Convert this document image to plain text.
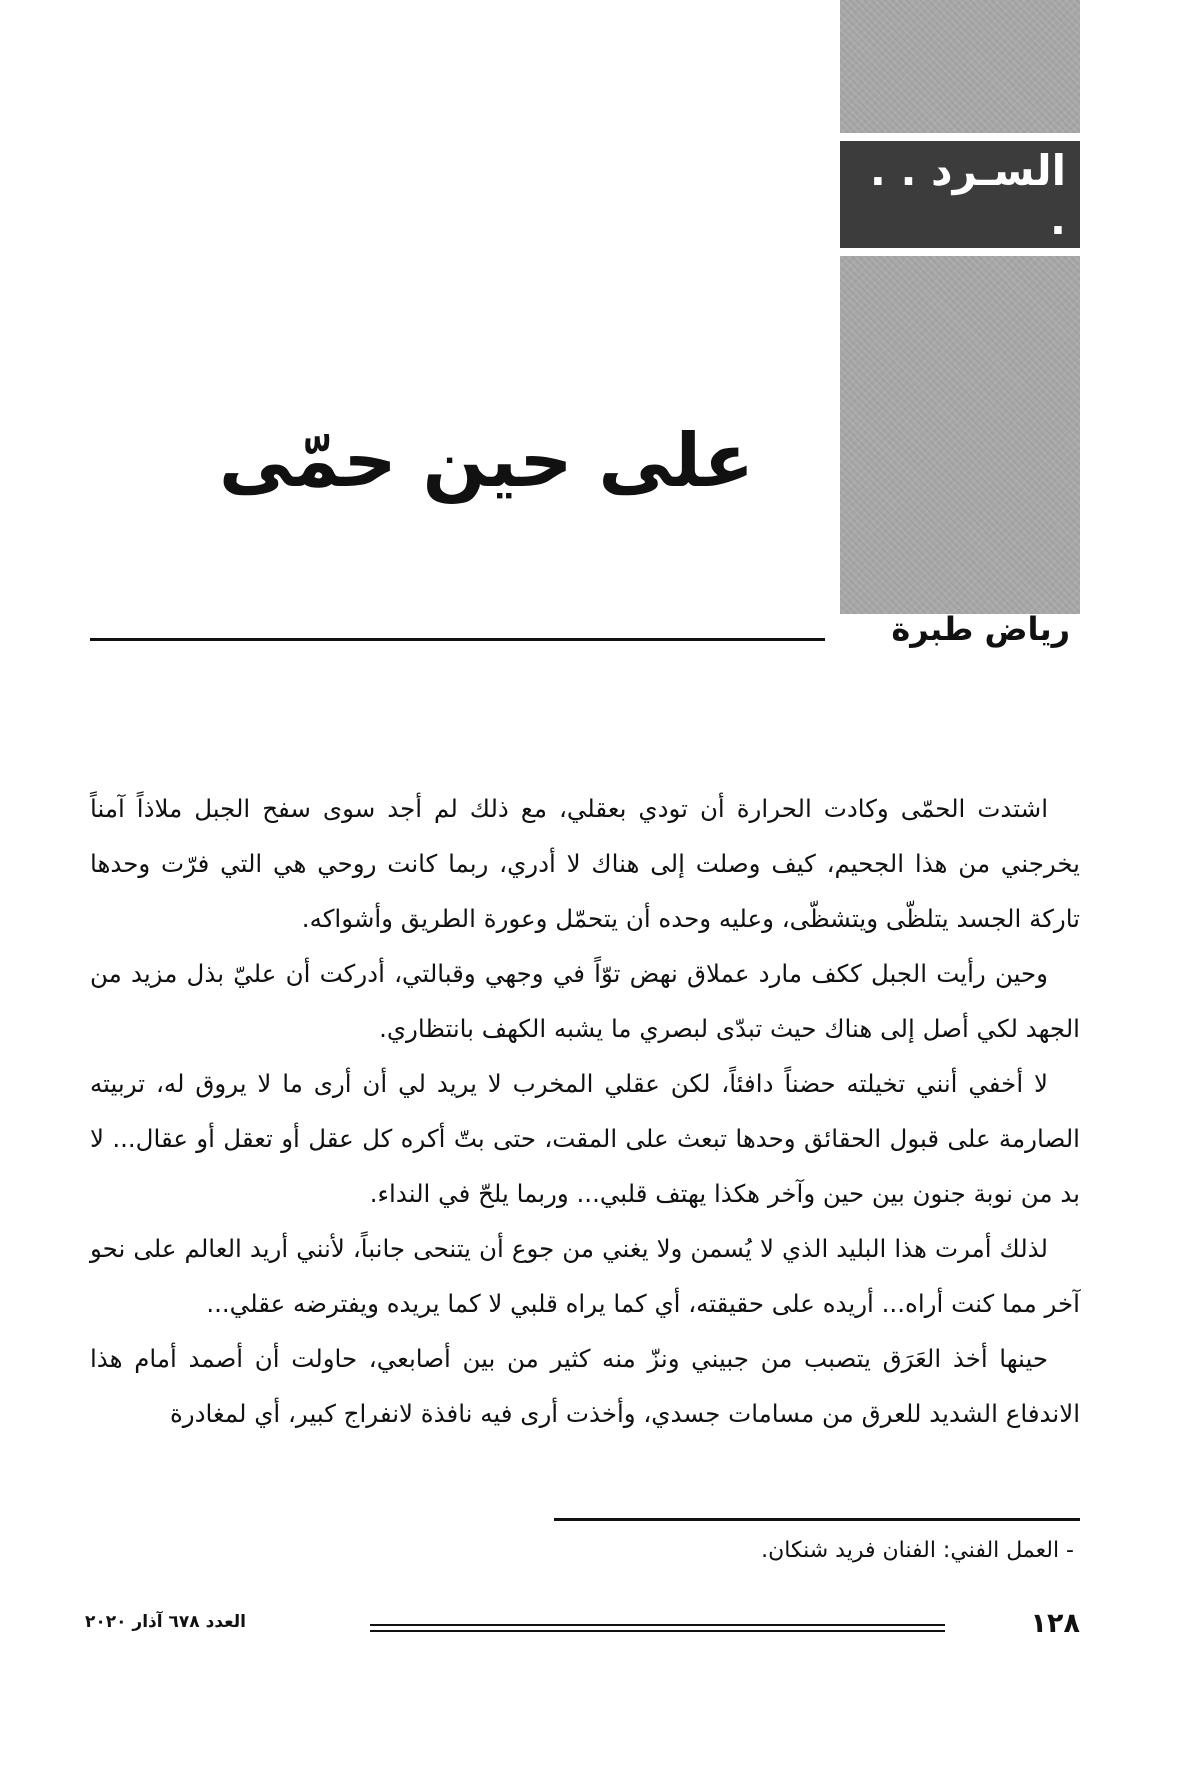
السـرد . . .
على حين حمّى
رياض طبرة

اشتدت الحمّى وكادت الحرارة أن تودي بعقلي، مع ذلك لم أجد سوى سفح الجبل ملاذاً آمناً يخرجني من هذا الجحيم، كيف وصلت إلى هناك لا أدري، ربما كانت روحي هي التي فرّت وحدها تاركة الجسد يتلظّى ويتشظّى، وعليه وحده أن يتحمّل وعورة الطريق وأشواكه.

وحين رأيت الجبل ككف مارد عملاق نهض توّاً في وجهي وقبالتي، أدركت أن عليّ بذل مزيد من الجهد لكي أصل إلى هناك حيث تبدّى لبصري ما يشبه الكهف بانتظاري.

لا أخفي أنني تخيلته حضناً دافئاً، لكن عقلي المخرب لا يريد لي أن أرى ما لا يروق له، تربيته الصارمة على قبول الحقائق وحدها تبعث على المقت، حتى بتّ أكره كل عقل أو تعقل أو عقال... لا بد من نوبة جنون بين حين وآخر هكذا يهتف قلبي... وربما يلحّ في النداء.

لذلك أمرت هذا البليد الذي لا يُسمن ولا يغني من جوع أن يتنحى جانباً، لأنني أريد العالم على نحو آخر مما كنت أراه... أريده على حقيقته، أي كما يراه قلبي لا كما يريده ويفترضه عقلي...

حينها أخذ العَرَق يتصبب من جبيني ونزّ منه كثير من بين أصابعي، حاولت أن أصمد أمام هذا الاندفاع الشديد للعرق من مسامات جسدي، وأخذت أرى فيه نافذة لانفراج كبير، أي لمغادرة

- العمل الفني: الفنان فريد شنكان.
١٢٨
العدد ٦٧٨ آذار ٢٠٢٠
